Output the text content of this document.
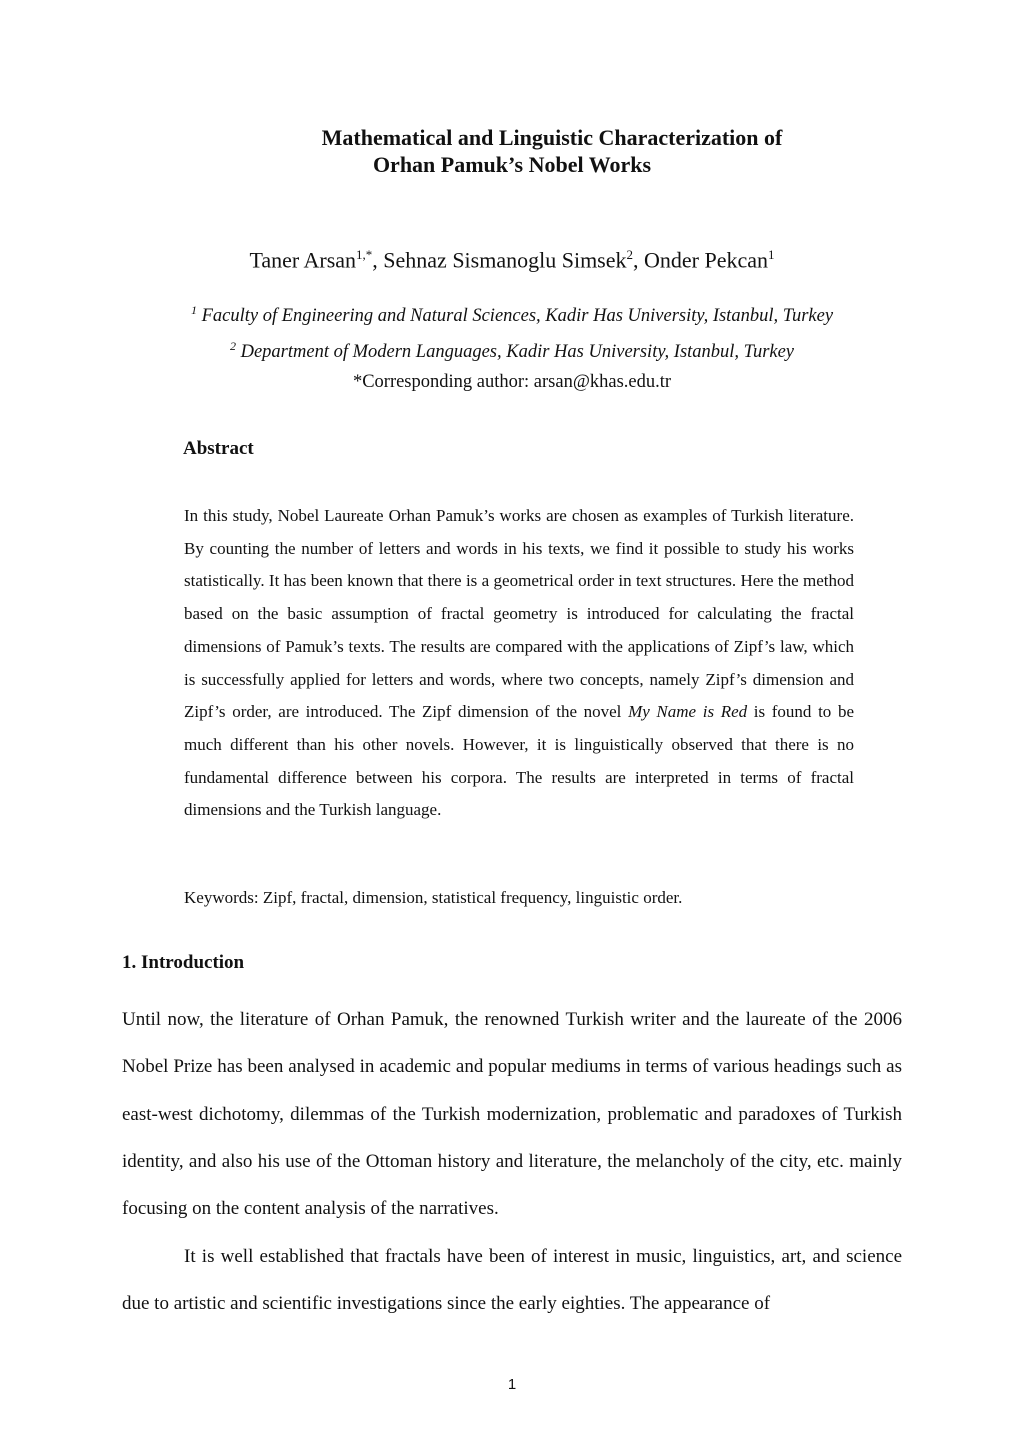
Mathematical and Linguistic Characterization of
Orhan Pamuk’s Nobel Works
Taner Arsan$^{1,*}$, Sehnaz Sismanoglu Simsek$^2$, Onder Pekcan$^1$
$^1$ Faculty of Engineering and Natural Sciences, Kadir Has University, Istanbul, Turkey
$^2$ Department of Modern Languages, Kadir Has University, Istanbul, Turkey
*Corresponding author: arsan@khas.edu.tr
Abstract
In this study, Nobel Laureate Orhan Pamuk’s works are chosen as examples of Turkish literature. By counting the number of letters and words in his texts, we find it possible to study his works statistically. It has been known that there is a geometrical order in text structures. Here the method based on the basic assumption of fractal geometry is introduced for calculating the fractal dimensions of Pamuk’s texts. The results are compared with the applications of Zipf’s law, which is successfully applied for letters and words, where two concepts, namely Zipf’s dimension and Zipf’s order, are introduced. The Zipf dimension of the novel My Name is Red is found to be much different than his other novels. However, it is linguistically observed that there is no fundamental difference between his corpora. The results are interpreted in terms of fractal dimensions and the Turkish language.
Keywords: Zipf, fractal, dimension, statistical frequency, linguistic order.
1. Introduction
Until now, the literature of Orhan Pamuk, the renowned Turkish writer and the laureate of the 2006 Nobel Prize has been analysed in academic and popular mediums in terms of various headings such as east-west dichotomy, dilemmas of the Turkish modernization, problematic and paradoxes of Turkish identity, and also his use of the Ottoman history and literature, the melancholy of the city, etc. mainly focusing on the content analysis of the narratives.
It is well established that fractals have been of interest in music, linguistics, art, and science due to artistic and scientific investigations since the early eighties. The appearance of
1
